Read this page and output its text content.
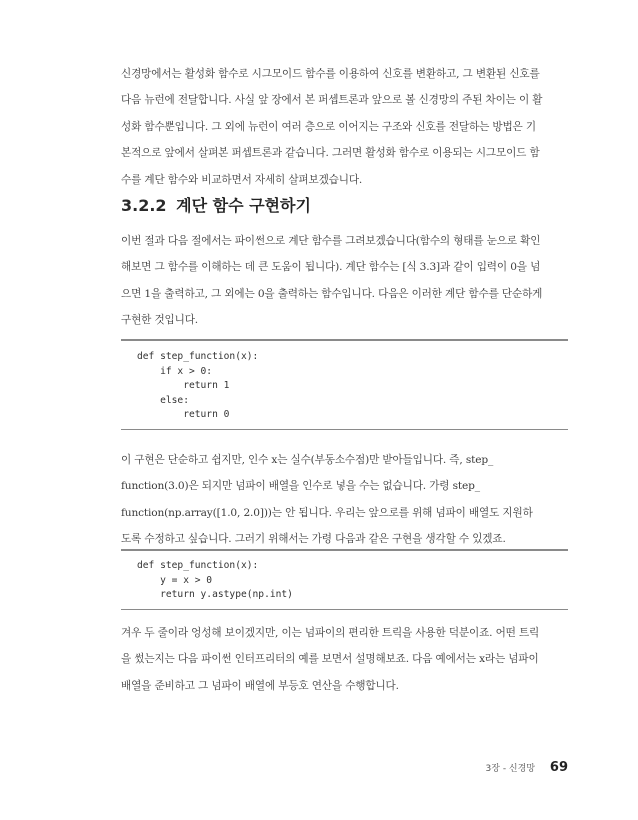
신경망에서는 활성화 함수로 시그모이드 함수를 이용하여 신호를 변환하고, 그 변환된 신호를
다음 뉴런에 전달합니다. 사실 앞 장에서 본 퍼셉트론과 앞으로 볼 신경망의 주된 차이는 이 활
성화 함수뿐입니다. 그 외에 뉴런이 여러 층으로 이어지는 구조와 신호를 전달하는 방법은 기
본적으로 앞에서 살펴본 퍼셉트론과 같습니다. 그러면 활성화 함수로 이용되는 시그모이드 함
수를 계단 함수와 비교하면서 자세히 살펴보겠습니다.
3.2.2 계단 함수 구현하기
이번 절과 다음 절에서는 파이썬으로 계단 함수를 그려보겠습니다(함수의 형태를 눈으로 확인
해보면 그 함수를 이해하는 데 큰 도움이 됩니다). 계단 함수는 [식 3.3]과 같이 입력이 0을 넘
으면 1을 출력하고, 그 외에는 0을 출력하는 함수입니다. 다음은 이러한 계단 함수를 단순하게
구현한 것입니다.
def step_function(x):
if x > 0:
return 1
else:
return 0
이 구현은 단순하고 쉽지만, 인수 x는 실수(부동소수점)만 받아들입니다. 즉, step_
function(3.0)은 되지만 넘파이 배열을 인수로 넣을 수는 없습니다. 가령 step_
function(np.array([1.0, 2.0]))는 안 됩니다. 우리는 앞으로를 위해 넘파이 배열도 지원하
도록 수정하고 싶습니다. 그러기 위해서는 가령 다음과 같은 구현을 생각할 수 있겠죠.
def step_function(x):
y = x > 0
return y.astype(np.int)
겨우 두 줄이라 엉성해 보이겠지만, 이는 넘파이의 편리한 트릭을 사용한 덕분이죠. 어떤 트릭
을 썼는지는 다음 파이썬 인터프리터의 예를 보면서 설명해보죠. 다음 예에서는 x라는 넘파이
배열을 준비하고 그 넘파이 배열에 부등호 연산을 수행합니다.
3장 - 신경망 69
